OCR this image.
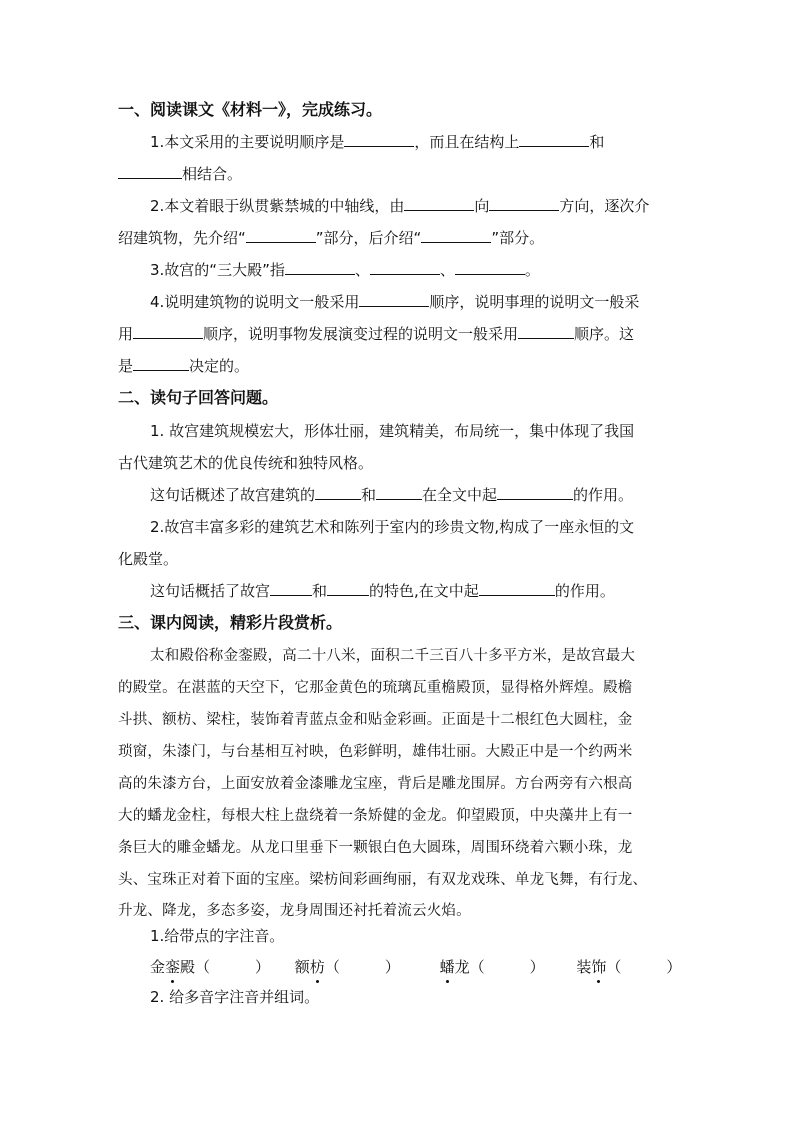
一、阅读课文《材料一》，完成练习。
1.本文采用的主要说明顺序是	，而且在结构上	和
相结合。
2.本文着眼于纵贯紫禁城的中轴线，由	向	方向，逐次介
绍建筑物，先介绍“	”部分，后介绍“	”部分。
3.故宫的“三大殿”指	、	、	。
4.说明建筑物的说明文一般采用	顺序，说明事理的说明文一般采
用	顺序，说明事物发展演变过程的说明文一般采用	顺序。这
是	决定的。
二、读句子回答问题。
1. 故宫建筑规模宏大，形体壮丽，建筑精美，布局统一，集中体现了我国
古代建筑艺术的优良传统和独特风格。
这句话概述了故宫建筑的	和	在全文中起	的作用。
2.故宫丰富多彩的建筑艺术和陈列于室内的珍贵文物,构成了一座永恒的文
化殿堂。
这句话概括了故宫	和	的特色,在文中起	的作用。
三、课内阅读，精彩片段赏析。
太和殿俗称金銮殿，高二十八米，面积二千三百八十多平方米，是故宫最大
的殿堂。在湛蓝的天空下，它那金黄色的琉璃瓦重檐殿顶，显得格外辉煌。殿檐
斗拱、额枋、梁柱，装饰着青蓝点金和贴金彩画。正面是十二根红色大圆柱，金
琐窗，朱漆门，与台基相互衬映，色彩鲜明，雄伟壮丽。大殿正中是一个约两米
高的朱漆方台，上面安放着金漆雕龙宝座，背后是雕龙围屏。方台两旁有六根高
大的蟠龙金柱，每根大柱上盘绕着一条矫健的金龙。仰望殿顶，中央藻井上有一
条巨大的雕金蟠龙。从龙口里垂下一颗银白色大圆珠，周围环绕着六颗小珠，龙
头、宝珠正对着下面的宝座。梁枋间彩画绚丽，有双龙戏珠、单龙飞舞，有行龙、
升龙、降龙，多态多姿，龙身周围还衬托着流云火焰。
1.给带点的字注音。
金銮殿（　　　） 额枋（　　　）	蟠龙（　　　） 装饰（　　　）
2. 给多音字注音并组词。
